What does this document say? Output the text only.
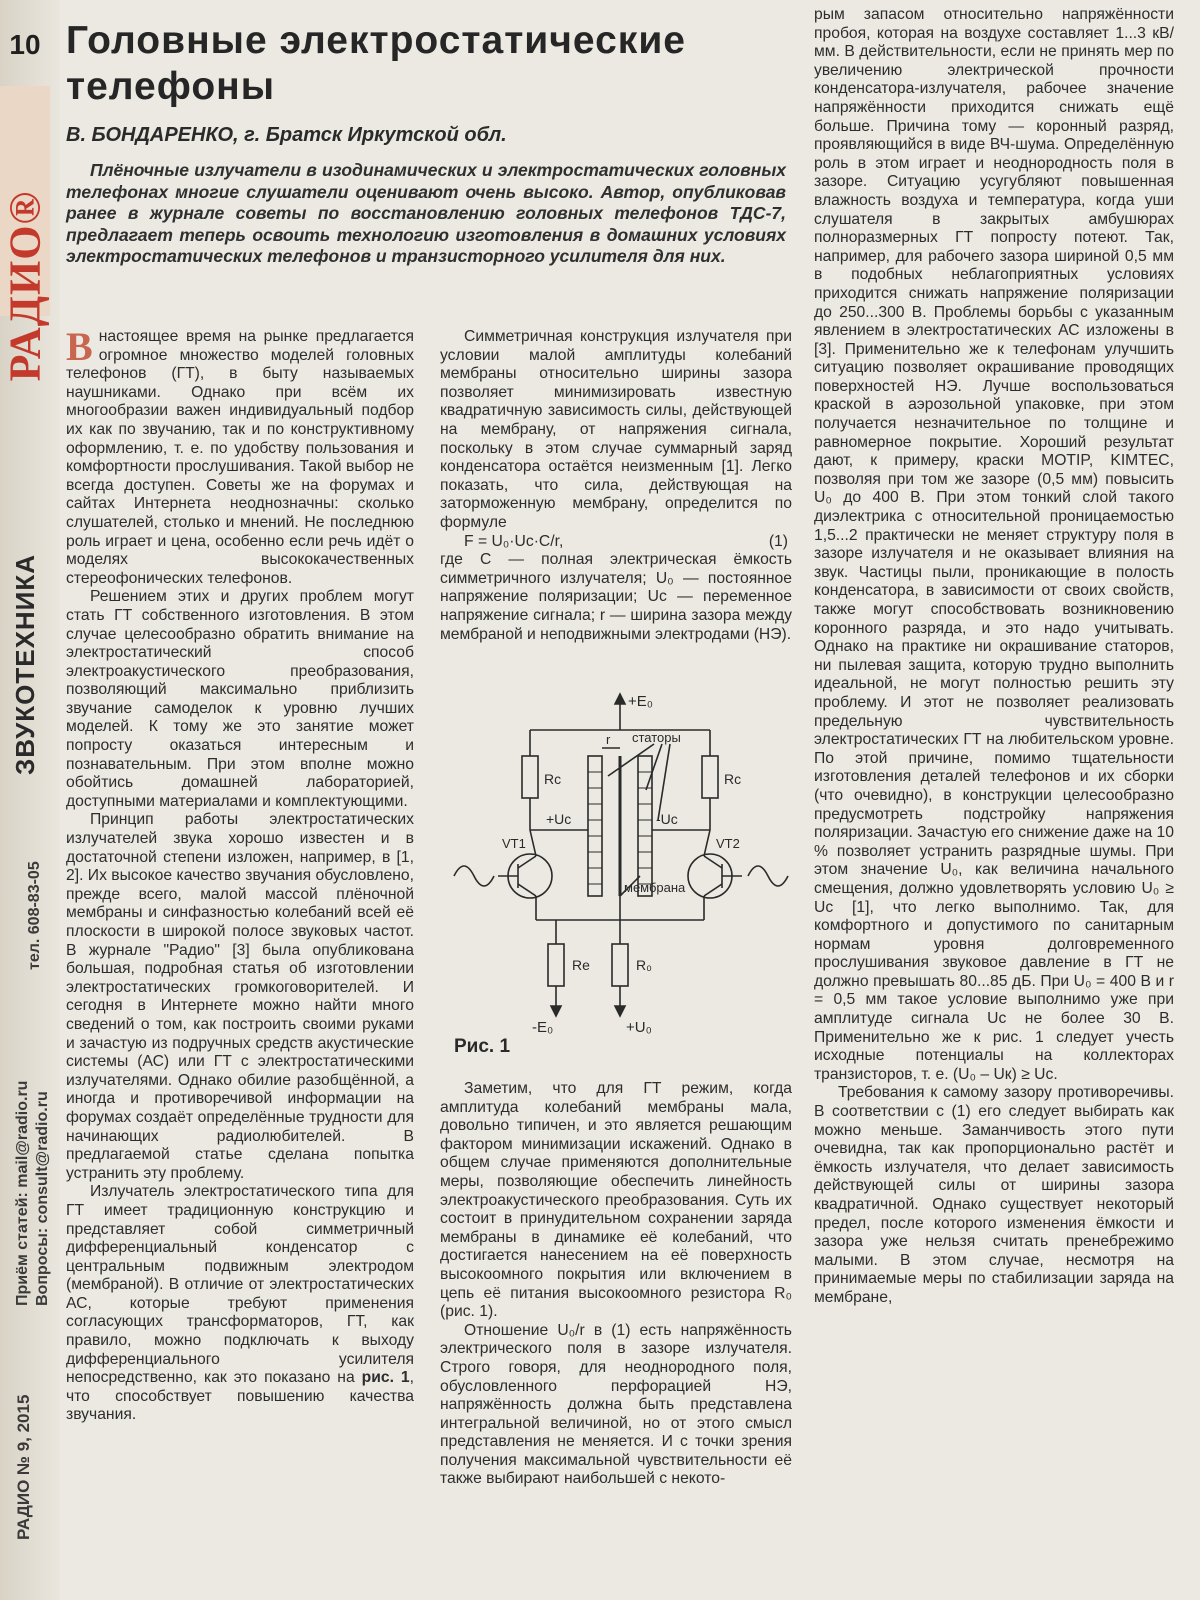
10
РАДИО®
ЗВУКОТЕХНИКА
тел. 608-83-05
Приём статей: mail@radio.ru Вопросы: consult@radio.ru
РАДИО № 9, 2015
Головные электростатические телефоны
В. БОНДАРЕНКО, г. Братск Иркутской обл.

Плёночные излучатели в изодинамических и электростатических головных телефонах многие слушатели оценивают очень высоко. Автор, опубликовав ранее в журнале советы по восстановлению головных телефонов ТДС-7, предлагает теперь освоить технологию изготовления в домашних условиях электростатических телефонов и транзисторного усилителя для них.

Внастоящее время на рынке предлагается огромное множество моделей головных телефонов (ГТ), в быту называемых наушниками. Однако при всём их многообразии важен индивидуальный подбор их как по звучанию, так и по конструктивному оформлению, т. е. по удобству пользования и комфортности прослушивания. Такой выбор не всегда доступен. Советы же на форумах и сайтах Интернета неоднозначны: сколько слушателей, столько и мнений. Не последнюю роль играет и цена, особенно если речь идёт о моделях высококачественных стереофонических телефонов.

Решением этих и других проблем могут стать ГТ собственного изготовления. В этом случае целесообразно обратить внимание на электростатический способ электроакустического преобразования, позволяющий максимально приблизить звучание самоделок к уровню лучших моделей. К тому же это занятие может попросту оказаться интересным и познавательным. При этом вполне можно обойтись домашней лабораторией, доступными материалами и комплектующими.

Принцип работы электростатических излучателей звука хорошо известен и в достаточной степени изложен, например, в [1, 2]. Их высокое качество звучания обусловлено, прежде всего, малой массой плёночной мембраны и синфазностью колебаний всей её плоскости в широкой полосе звуковых частот. В журнале "Радио" [3] была опубликована большая, подробная статья об изготовлении электростатических громкоговорителей. И сегодня в Интернете можно найти много сведений о том, как построить своими руками и зачастую из подручных средств акустические системы (АС) или ГТ с электростатическими излучателями. Однако обилие разобщённой, а иногда и противоречивой информации на форумах создаёт определённые трудности для начинающих радиолюбителей. В предлагаемой статье сделана попытка устранить эту проблему.

Излучатель электростатического типа для ГТ имеет традиционную конструкцию и представляет собой симметричный дифференциальный конденсатор с центральным подвижным электродом (мембраной). В отличие от электростатических АС, которые требуют применения согласующих трансформаторов, ГТ, как правило, можно подключать к выходу дифференциального усилителя непосредственно, как это показано на рис. 1, что способствует повышению качества звучания.

Симметричная конструкция излучателя при условии малой амплитуды колебаний мембраны относительно ширины зазора позволяет минимизировать известную квадратичную зависимость силы, действующей на мембрану, от напряжения сигнала, поскольку в этом случае суммарный заряд конденсатора остаётся неизменным [1]. Легко показать, что сила, действующая на заторможенную мембрану, определится по формуле

F = U₀·Uс·C/r,	(1)

где C — полная электрическая ёмкость симметричного излучателя; U₀ — постоянное напряжение поляризации; Uс — переменное напряжение сигнала; r — ширина зазора между мембраной и неподвижными электродами (НЭ).

+E₀
Rс	Rс
+Uс	-Uс
VT1	VT2
r статоры
мембрана
Rе	R₀
-E₀	+U₀
Рис. 1

Заметим, что для ГТ режим, когда амплитуда колебаний мембраны мала, довольно типичен, и это является решающим фактором минимизации искажений. Однако в общем случае применяются дополнительные меры, позволяющие обеспечить линейность электроакустического преобразования. Суть их состоит в принудительном сохранении заряда мембраны в динамике её колебаний, что достигается нанесением на её поверхность высокоомного покрытия или включением в цепь её питания высокоомного резистора R₀ (рис. 1).

Отношение U₀/r в (1) есть напряжённость электрического поля в зазоре излучателя. Строго говоря, для неоднородного поля, обусловленного перфорацией НЭ, напряжённость должна быть представлена интегральной величиной, но от этого смысл представления не меняется. И с точки зрения получения максимальной чувствительности её также выбирают наибольшей с некото-

рым запасом относительно напряжённости пробоя, которая на воздухе составляет 1...3 кВ/мм. В действительности, если не принять мер по увеличению электрической прочности конденсатора-излучателя, рабочее значение напряжённости приходится снижать ещё больше. Причина тому — коронный разряд, проявляющийся в виде ВЧ-шума. Определённую роль в этом играет и неоднородность поля в зазоре. Ситуацию усугубляют повышенная влажность воздуха и температура, когда уши слушателя в закрытых амбушюрах полноразмерных ГТ попросту потеют. Так, например, для рабочего зазора шириной 0,5 мм в подобных неблагоприятных условиях приходится снижать напряжение поляризации до 250...300 В. Проблемы борьбы с указанным явлением в электростатических АС изложены в [3]. Применительно же к телефонам улучшить ситуацию позволяет окрашивание проводящих поверхностей НЭ. Лучше воспользоваться краской в аэрозольной упаковке, при этом получается незначительное по толщине и равномерное покрытие. Хороший результат дают, к примеру, краски MOTIP, KIMTEC, позволяя при том же зазоре (0,5 мм) повысить U₀ до 400 В. При этом тонкий слой такого диэлектрика с относительной проницаемостью 1,5...2 практически не меняет структуру поля в зазоре излучателя и не оказывает влияния на звук. Частицы пыли, проникающие в полость конденсатора, в зависимости от своих свойств, также могут способствовать возникновению коронного разряда, и это надо учитывать. Однако на практике ни окрашивание статоров, ни пылевая защита, которую трудно выполнить идеальной, не могут полностью решить эту проблему. И этот не позволяет реализовать предельную чувствительность электростатических ГТ на любительском уровне. По этой причине, помимо тщательности изготовления деталей телефонов и их сборки (что очевидно), в конструкции целесообразно предусмотреть подстройку напряжения поляризации. Зачастую его снижение даже на 10 % позволяет устранить разрядные шумы. При этом значение U₀, как величина начального смещения, должно удовлетворять условию U₀ ≥ Uс [1], что легко выполнимо. Так, для комфортного и допустимого по санитарным нормам уровня долговременного прослушивания звуковое давление в ГТ не должно превышать 80...85 дБ. При U₀ = 400 В и r = 0,5 мм такое условие выполнимо уже при амплитуде сигнала Uс не более 30 В. Применительно же к рис. 1 следует учесть исходные потенциалы на коллекторах транзисторов, т. е. (U₀ – Uк) ≥ Uс.

Требования к самому зазору противоречивы. В соответствии с (1) его следует выбирать как можно меньше. Заманчивость этого пути очевидна, так как пропорционально растёт и ёмкость излучателя, что делает зависимость действующей силы от ширины зазора квадратичной. Однако существует некоторый предел, после которого изменения ёмкости и зазора уже нельзя считать пренебрежимо малыми. В этом случае, несмотря на принимаемые меры по стабилизации заряда на мембране,
